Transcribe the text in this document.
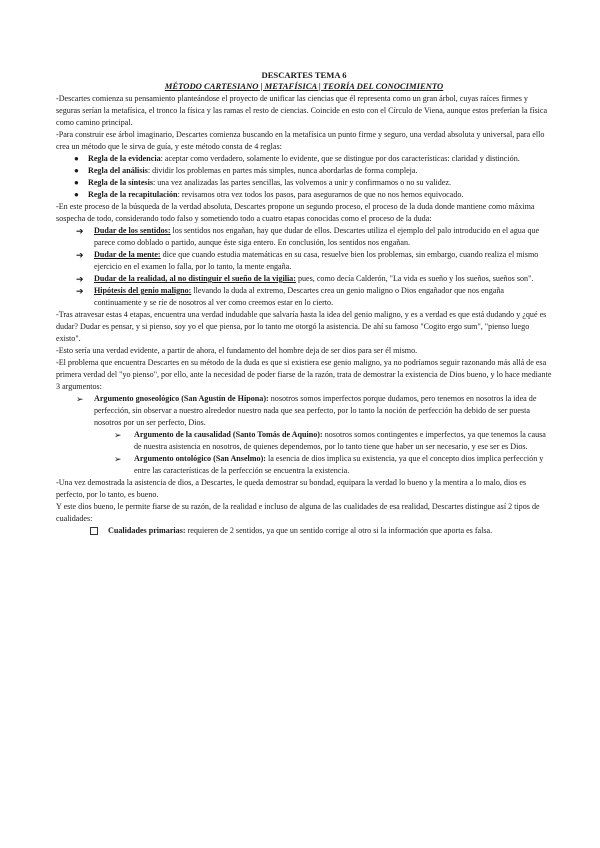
DESCARTES TEMA 6

MÉTODO CARTESIANO | METAFÍSICA | TEORÍA DEL CONOCIMIENTO

-Descartes comienza su pensamiento planteándose el proyecto de unificar las ciencias que él representa como un gran árbol, cuyas raíces firmes y seguras serían la metafísica, el tronco la física y las ramas el resto de ciencias. Coincide en esto con el Círculo de Viena, aunque estos preferían la física como camino principal.

-Para construir ese árbol imaginario, Descartes comienza buscando en la metafísica un punto firme y seguro, una verdad absoluta y universal, para ello crea un método que le sirva de guía, y este método consta de 4 reglas:

● Regla de la evidencia: aceptar como verdadero, solamente lo evidente, que se distingue por dos características: claridad y distinción.
● Regla del análisis: dividir los problemas en partes más simples, nunca abordarlas de forma compleja.
● Regla de la síntesis: una vez analizadas las partes sencillas, las volvemos a unir y confirmamos o no su validez.
● Regla de la recapitulación: revisamos otra vez todos los pasos, para asegurarnos de que no nos hemos equivocado.

-En este proceso de la búsqueda de la verdad absoluta, Descartes propone un segundo proceso, el proceso de la duda donde mantiene como máxima sospecha de todo, considerando todo falso y sometiendo todo a cuatro etapas conocidas como el proceso de la duda:

➔ Dudar de los sentidos: los sentidos nos engañan, hay que dudar de ellos. Descartes utiliza el ejemplo del palo introducido en el agua que parece como doblado o partido, aunque éste siga entero. En conclusión, los sentidos nos engañan.
➔ Dudar de la mente: dice que cuando estudia matemáticas en su casa, resuelve bien los problemas, sin embargo, cuando realiza el mismo ejercicio en el examen lo falla, por lo tanto, la mente engaña.
➔ Dudar de la realidad, al no distinguir el sueño de la vigilia: pues, como decía Calderón, "La vida es sueño y los sueños, sueños son".
➔ Hipótesis del genio maligno: llevando la duda al extremo, Descartes crea un genio maligno o Dios engañador que nos engaña continuamente y se ríe de nosotros al ver como creemos estar en lo cierto.

-Tras atravesar estas 4 etapas, encuentra una verdad indudable que salvaría hasta la idea del genio maligno, y es a verdad es que está dudando y ¿qué es dudar? Dudar es pensar, y si pienso, soy yo el que piensa, por lo tanto me otorgó la asistencia. De ahí su famoso "Cogito ergo sum", "pienso luego existo".

-Esto sería una verdad evidente, a partir de ahora, el fundamento del hombre deja de ser dios para ser él mismo.

-El problema que encuentra Descartes en su método de la duda es que si existiera ese genio maligno, ya no podríamos seguir razonando más allá de esa primera verdad del "yo pienso", por ello, ante la necesidad de poder fiarse de la razón, trata de demostrar la existencia de Dios bueno, y lo hace mediante 3 argumentos:

➢ Argumento gnoseológico (San Agustín de Hipona): nosotros somos imperfectos porque dudamos, pero tenemos en nosotros la idea de perfección, sin observar a nuestro alrededor nuestro nada que sea perfecto, por lo tanto la noción de perfección ha debido de ser puesta nosotros por un ser perfecto, Dios.
➢ Argumento de la causalidad (Santo Tomás de Aquino): nosotros somos contingentes e imperfectos, ya que tenemos la causa de nuestra asistencia en nosotros, de quienes dependemos, por lo tanto tiene que haber un ser necesario, y ese ser es Dios.
➢ Argumento ontológico (San Anselmo): la esencia de dios implica su existencia, ya que el concepto dios implica perfección y entre las características de la perfección se encuentra la existencia.

-Una vez demostrada la asistencia de dios, a Descartes, le queda demostrar su bondad, equipara la verdad lo bueno y la mentira a lo malo, dios es perfecto, por lo tanto, es bueno.

Y este dios bueno, le permite fiarse de su razón, de la realidad e incluso de alguna de las cualidades de esa realidad, Descartes distingue así 2 tipos de cualidades:

Cualidades primarias: requieren de 2 sentidos, ya que un sentido corrige al otro si la información que aporta es falsa.
